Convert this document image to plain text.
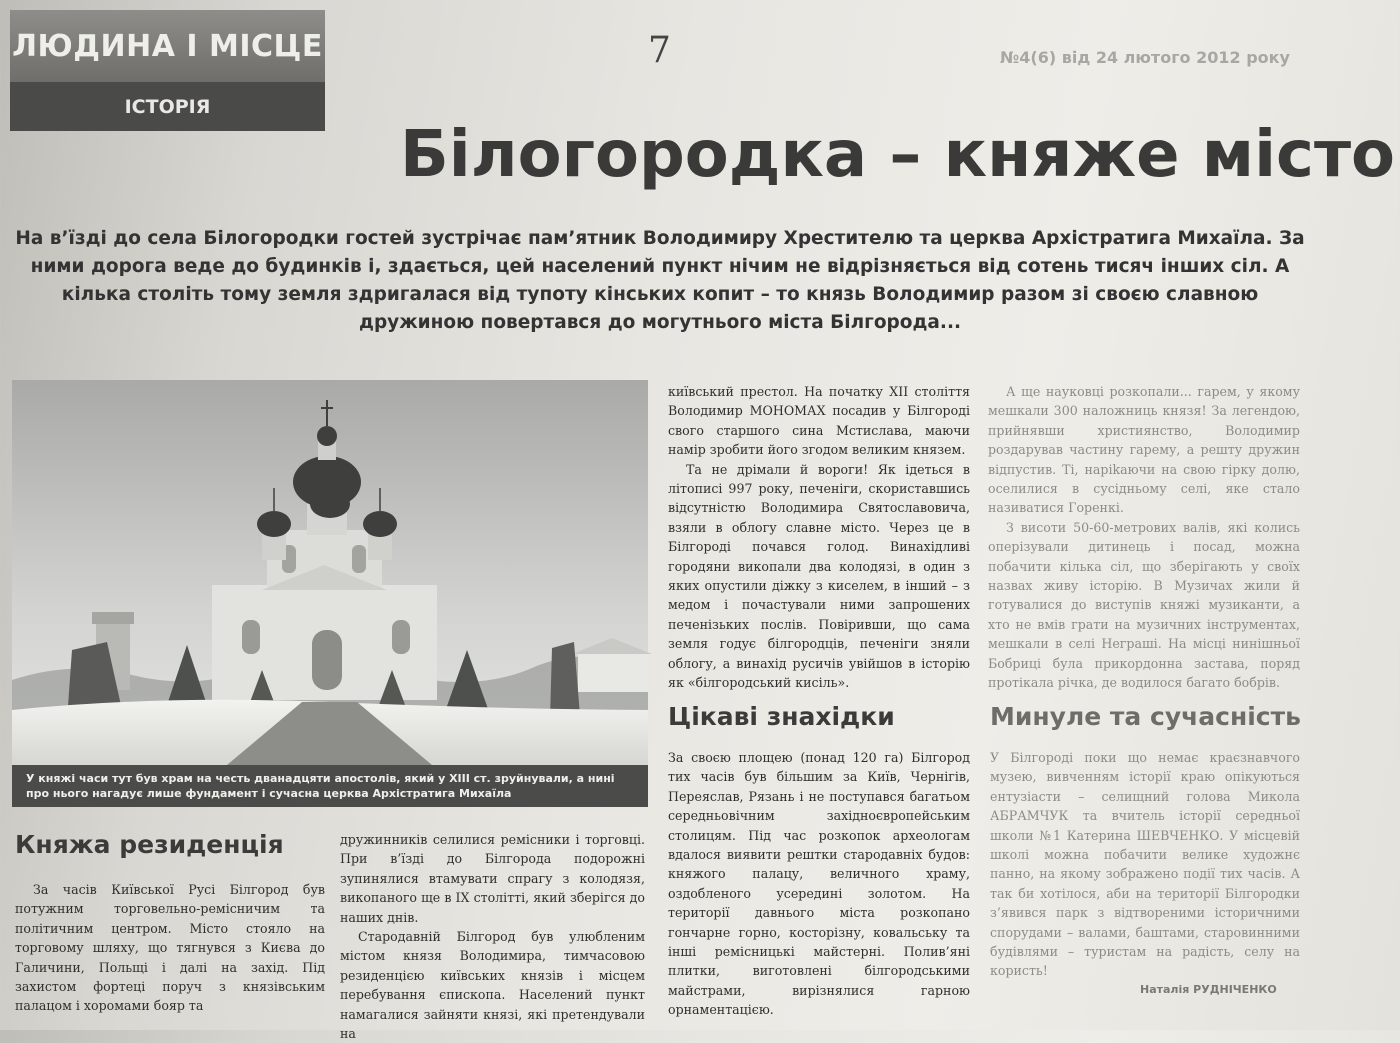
ЛЮДИНА І МІСЦЕ
ІСТОРІЯ
7	№4(6) від 24 лютого 2012 року
Білогородка – княже місто
На в’їзді до села Білогородки гостей зустрічає пам’ятник Володимиру Хрестителю та церква Архістратига Михаїла. За ними дорога веде до будинків і, здається, цей населений пункт нічим не відрізняється від сотень тисяч інших сіл. А кілька століть тому земля здригалася від тупоту кінських копит – то князь Володимир разом зі своєю славною дружиною повертався до могутнього міста Білгорода...
У княжі часи тут був храм на честь дванадцяти апостолів, який у XIII ст. зруйнували, а нині про нього нагадує лише фундамент і сучасна церква Архістратига Михаїла
Княжа резиденція

За часів Київської Русі Білгород був потужним торговельно-ремісничим та політичним центром. Місто стояло на торговому шляху, що тягнувся з Києва до Галичини, Польщі і далі на захід. Під захистом фортеці поруч з князівським палацом і хоромами бояр та

дружинників селилися ремісники і торговці. При в’їзді до Білгорода подорожні зупинялися втамувати спрагу з колодязя, викопаного ще в IX столітті, який зберігся до наших днів.

Стародавній Білгород був улюбленим містом князя Володимира, тимчасовою резиденцією київських князів і місцем перебування єпископа. Населений пункт намагалися зайняти князі, які претендували на

київський престол. На початку XII століття Володимир МОНОМАХ посадив у Білгороді свого старшого сина Мстислава, маючи намір зробити його згодом великим князем.

Та не дрімали й вороги! Як ідеться в літописі 997 року, печеніги, скориставшись відсутністю Володимира Святославовича, взяли в облогу славне місто. Через це в Білгороді почався голод. Винахідливі городяни викопали два колодязі, в один з яких опустили діжку з киселем, в інший – з медом і почастували ними запрошених печенізьких послів. Повіривши, що сама земля годує білгородців, печеніги зняли облогу, а винахід русичів увійшов в історію як «білгородський кисіль».

Цікаві знахідки

За своєю площею (понад 120 га) Білгород тих часів був більшим за Київ, Чернігів, Переяслав, Рязань і не поступався багатьом середньовічним західноєвропейським столицям. Під час розкопок археологам вдалося виявити рештки стародавніх будов: княжого палацу, величного храму, оздобленого усередині золотом. На території давнього міста розкопано гончарне горно, косторізну, ковальську та інші ремісницькі майстерні. Полив’яні плитки, виготовлені білгородськими майстрами, вирізнялися гарною орнаментацією.

А ще науковці розкопали... гарем, у якому мешкали 300 наложниць князя! За легендою, прийнявши християнство, Володимир роздарував частину гарему, а решту дружин відпустив. Ті, наріkаючи на свою гірку долю, оселилися в сусідньому селі, яке стало називатися Горенкі.

З висоти 50-60-метрових валів, які колись оперізували дитинець і посад, можна побачити кілька сіл, що зберігають у своїх назвах живу історію. В Музичах жили й готувалися до виступів княжі музиканти, а хто не вмів грати на музичних інструментах, мешкали в селі Неграші. На місці нинішньої Бобриці була прикордонна застава, поряд протікала річка, де водилося багато бобрів.

Минуле та сучасність

У Білгороді поки що немає краєзнавчого музею, вивченням історії краю опікуються ентузіасти – селищний голова Микола АБРАМЧУК та вчитель історії середньої школи №1 Катерина ШЕВЧЕНКО. У місцевій школі можна побачити велике художнє панно, на якому зображено події тих часів. А так би хотілося, аби на території Білгородки з’явився парк з відтвореними історичними спорудами – валами, баштами, старовинними будівлями – туристам на радість, селу на користь!

Наталія РУДНІЧЕНКО
